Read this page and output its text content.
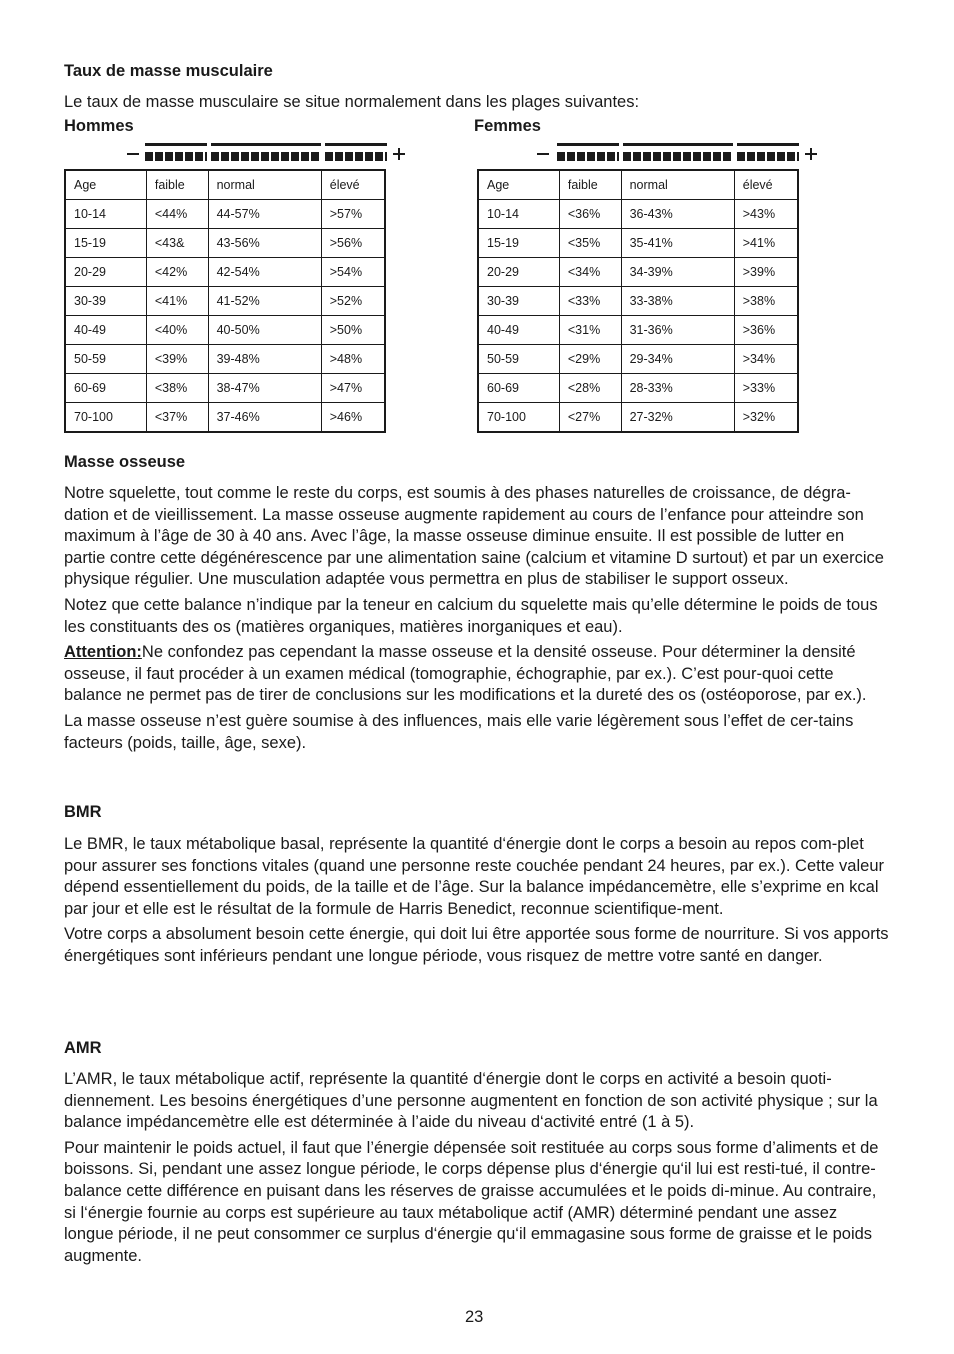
Taux de masse musculaire
Le taux de masse musculaire se situe normalement dans les plages suivantes:
Hommes	Femmes
Age	faible	normal	élevé
10-14	<44%	44-57%	>57%
15-19	<43&	43-56%	>56%
20-29	<42%	42-54%	>54%
30-39	<41%	41-52%	>52%
40-49	<40%	40-50%	>50%
50-59	<39%	39-48%	>48%
60-69	<38%	38-47%	>47%
70-100	<37%	37-46%	>46%
Age	faible	normal	élevé
10-14	<36%	36-43%	>43%
15-19	<35%	35-41%	>41%
20-29	<34%	34-39%	>39%
30-39	<33%	33-38%	>38%
40-49	<31%	31-36%	>36%
50-59	<29%	29-34%	>34%
60-69	<28%	28-33%	>33%
70-100	<27%	27-32%	>32%
Masse osseuse

Notre squelette, tout comme le reste du corps, est soumis à des phases naturelles de croissance, de dégra-dation et de vieillissement. La masse osseuse augmente rapidement au cours de l’enfance pour atteindre son maximum à l’âge de 30 à 40 ans. Avec l’âge, la masse osseuse diminue ensuite. Il est possible de lutter en partie contre cette dégénérescence par une alimentation saine (calcium et vitamine D surtout) et par un exercice physique régulier. Une musculation adaptée vous permettra en plus de stabiliser le support osseux.

Notez que cette balance n’indique par la teneur en calcium du squelette mais qu’elle détermine le poids de tous les constituants des os (matières organiques, matières inorganiques et eau).

Attention:Ne confondez pas cependant la masse osseuse et la densité osseuse. Pour déterminer la densité osseuse, il faut procéder à un examen médical (tomographie, échographie, par ex.). C’est pour-quoi cette balance ne permet pas de tirer de conclusions sur les modifications et la dureté des os (ostéoporose, par ex.).

La masse osseuse n’est guère soumise à des influences, mais elle varie légèrement sous l’effet de cer-tains facteurs (poids, taille, âge, sexe).

BMR

Le BMR, le taux métabolique basal, représente la quantité d‘énergie dont le corps a besoin au repos com-plet pour assurer ses fonctions vitales (quand une personne reste couchée pendant 24 heures, par ex.). Cette valeur dépend essentiellement du poids, de la taille et de l’âge. Sur la balance impédancemètre, elle s’exprime en kcal par jour et elle est le résultat de la formule de Harris Benedict, reconnue scientifique-ment.

Votre corps a absolument besoin cette énergie, qui doit lui être apportée sous forme de nourriture. Si vos apports énergétiques sont inférieurs pendant une longue période, vous risquez de mettre votre santé en danger.

AMR

L’AMR, le taux métabolique actif, représente la quantité d‘énergie dont le corps en activité a besoin quoti-diennement. Les besoins énergétiques d’une personne augmentent en fonction de son activité physique ; sur la balance impédancemètre elle est déterminée à l’aide du niveau d‘activité entré (1 à 5).

Pour maintenir le poids actuel, il faut que l’énergie dépensée soit restituée au corps sous forme d’aliments et de boissons. Si, pendant une assez longue période, le corps dépense plus d‘énergie qu‘il lui est resti-tué, il contre-balance cette différence en puisant dans les réserves de graisse accumulées et le poids di-minue. Au contraire, si l‘énergie fournie au corps est supérieure au taux métabolique actif (AMR) déterminé pendant une assez longue période, il ne peut consommer ce surplus d‘énergie qu‘il emmagasine sous forme de graisse et le poids augmente.

23
